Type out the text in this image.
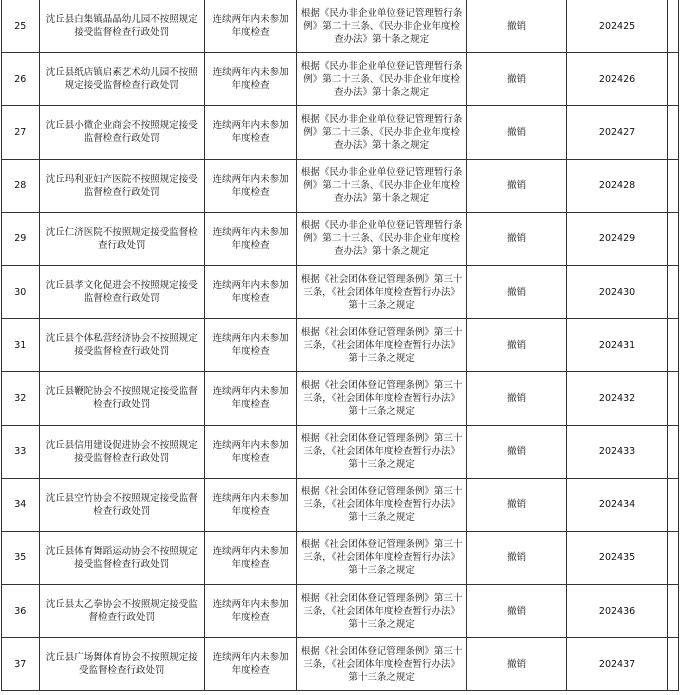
25	沈丘县白集镇晶晶幼儿园不按照规定接受监督检查行政处罚	连续两年内未参加年度检查	根据《民办非企业单位登记管理暂行条例》第二十三条、《民办非企业年度检查办法》第十条之规定	撤销	202425	
26	沈丘县纸店镇启素艺术幼儿园不按照规定接受监督检查行政处罚	连续两年内未参加年度检查	根据《民办非企业单位登记管理暂行条例》第二十三条、《民办非企业年度检查办法》第十条之规定	撤销	202426	
27	沈丘县小微企业商会不按照规定接受监督检查行政处罚	连续两年内未参加年度检查	根据《民办非企业单位登记管理暂行条例》第二十三条、《民办非企业年度检查办法》第十条之规定	撤销	202427	
28	沈丘玛利亚妇产医院不按照规定接受监督检查行政处罚	连续两年内未参加年度检查	根据《民办非企业单位登记管理暂行条例》第二十三条、《民办非企业年度检查办法》第十条之规定	撤销	202428	
29	沈丘仁济医院不按照规定接受监督检查行政处罚	连续两年内未参加年度检查	根据《民办非企业单位登记管理暂行条例》第二十三条、《民办非企业年度检查办法》第十条之规定	撤销	202429	
30	沈丘县孝文化促进会不按照规定接受监督检查行政处罚	连续两年内未参加年度检查	根据《社会团体登记管理条例》第三十三条，《社会团体年度检查暂行办法》第十三条之规定	撤销	202430	
31	沈丘县个体私营经济协会不按照规定接受监督检查行政处罚	连续两年内未参加年度检查	根据《社会团体登记管理条例》第三十三条，《社会团体年度检查暂行办法》第十三条之规定	撤销	202431	
32	沈丘县鞭陀协会不按照规定接受监督检查行政处罚	连续两年内未参加年度检查	根据《社会团体登记管理条例》第三十三条，《社会团体年度检查暂行办法》第十三条之规定	撤销	202432	
33	沈丘县信用建设促进协会不按照规定接受监督检查行政处罚	连续两年内未参加年度检查	根据《社会团体登记管理条例》第三十三条，《社会团体年度检查暂行办法》第十三条之规定	撤销	202433	
34	沈丘县空竹协会不按照规定接受监督检查行政处罚	连续两年内未参加年度检查	根据《社会团体登记管理条例》第三十三条，《社会团体年度检查暂行办法》第十三条之规定	撤销	202434	
35	沈丘县体育舞蹈运动协会不按照规定接受监督检查行政处罚	连续两年内未参加年度检查	根据《社会团体登记管理条例》第三十三条，《社会团体年度检查暂行办法》第十三条之规定	撤销	202435	
36	沈丘县太乙拳协会不按照规定接受监督检查行政处罚	连续两年内未参加年度检查	根据《社会团体登记管理条例》第三十三条，《社会团体年度检查暂行办法》第十三条之规定	撤销	202436	
37	沈丘县广场舞体育协会不按照规定接受监督检查行政处罚	连续两年内未参加年度检查	根据《社会团体登记管理条例》第三十三条，《社会团体年度检查暂行办法》第十三条之规定	撤销	202437	
